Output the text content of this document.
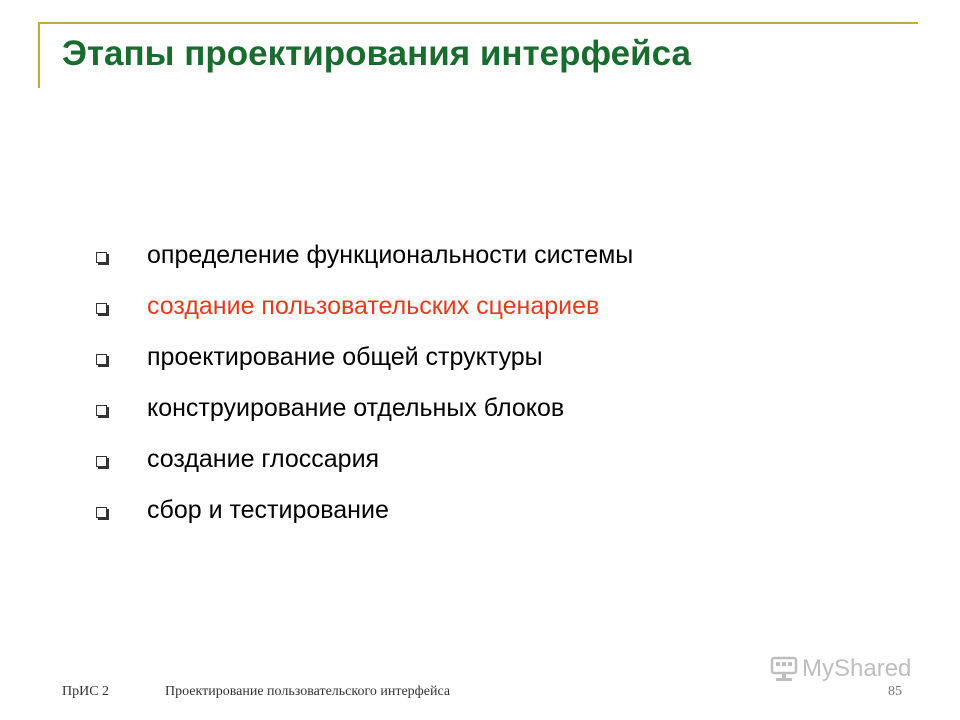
Этапы проектирования интерфейса
определение функциональности системы
создание пользовательских сценариев
проектирование общей структуры
конструирование отдельных блоков
создание глоссария
сбор и тестирование
ПрИС 2	Проектирование пользовательского интерфейса	85
MyShared
